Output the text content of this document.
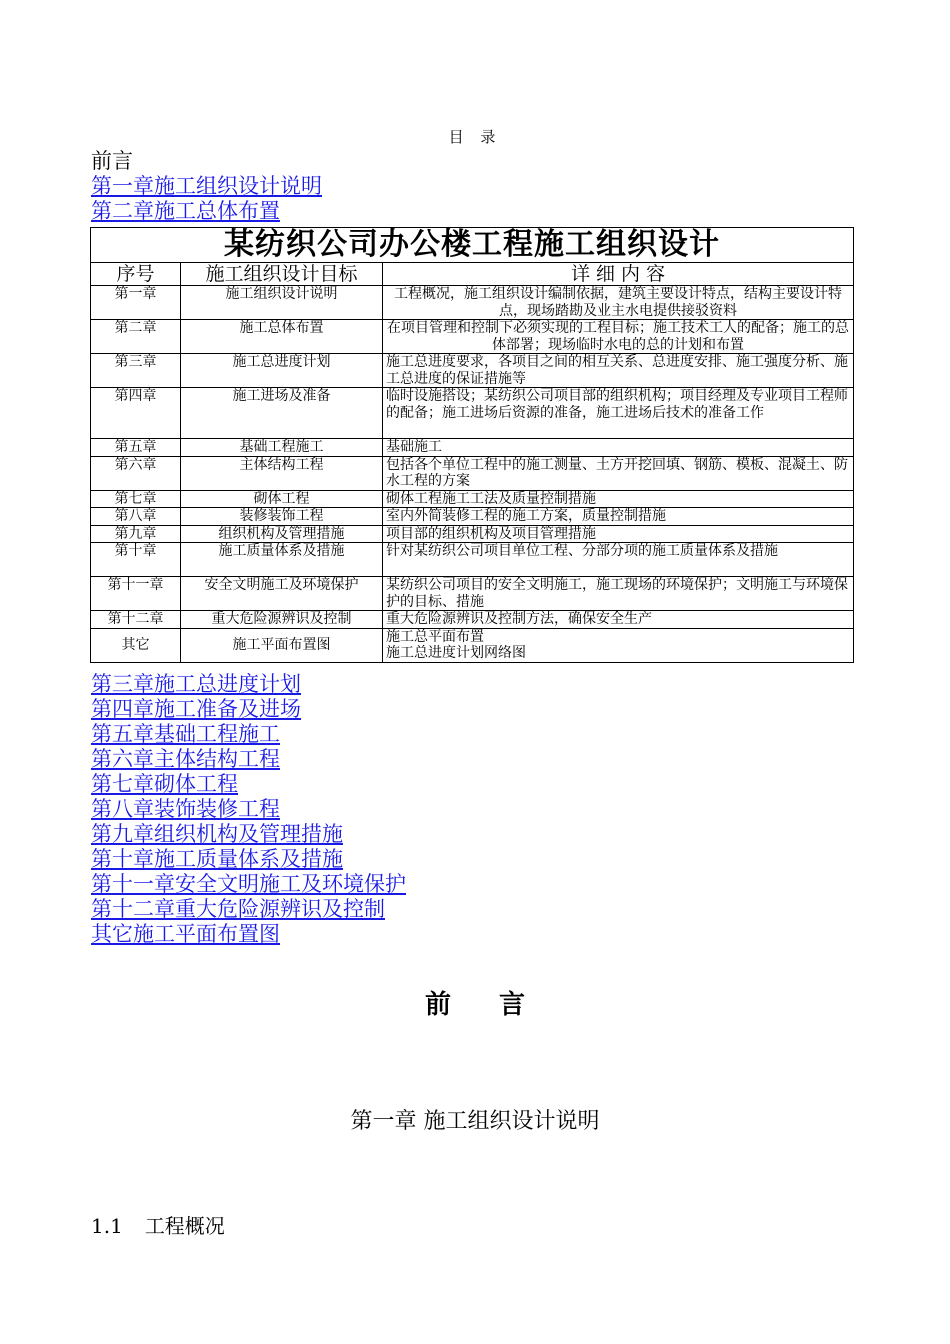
目 录
前言
第一章施工组织设计说明
第二章施工总体布置
某纺织公司办公楼工程施工组织设计		
序号	施工组织设计目标	详 细 内 容
第一章	施工组织设计说明	工程概况，施工组织设计编制依据，建筑主要设计特点，结构主要设计特点，现场踏勘及业主水电提供接驳资料

第二章	施工总体布置	在项目管理和控制下必须实现的工程目标；施工技术工人的配备；施工的总体部署；现场临时水电的总的计划和布置

第三章	施工总进度计划	施工总进度要求，各项目之间的相互关系、总进度安排、施工强度分析、施工总进度的保证措施等

第四章	施工进场及准备	临时设施搭设；某纺织公司项目部的组织机构；项目经理及专业项目工程师的配备；施工进场后资源的准备，施工进场后技术的准备工作

第五章	基础工程施工	基础施工

第六章	主体结构工程	包括各个单位工程中的施工测量、土方开挖回填、钢筋、模板、混凝土、防水工程的方案

第七章	砌体工程	砌体工程施工工法及质量控制措施

第八章	装修装饰工程	室内外简装修工程的施工方案，质量控制措施

第九章	组织机构及管理措施	项目部的组织机构及项目管理措施

第十章	施工质量体系及措施	针对某纺织公司项目单位工程、分部分项的施工质量体系及措施

第十一章	安全文明施工及环境保护	某纺织公司项目的安全文明施工，施工现场的环境保护；文明施工与环境保护的目标、措施

第十二章	重大危险源辨识及控制	重大危险源辨识及控制方法，确保安全生产

其它	施工平面布置图	施工总平面布置
施工总进度计划网络图
第三章施工总进度计划
第四章施工准备及进场
第五章基础工程施工
第六章主体结构工程
第七章砌体工程
第八章装饰装修工程
第九章组织机构及管理措施
第十章施工质量体系及措施
第十一章安全文明施工及环境保护
第十二章重大危险源辨识及控制
其它施工平面布置图
前言
第一章 施工组织设计说明
1.1 工程概况
